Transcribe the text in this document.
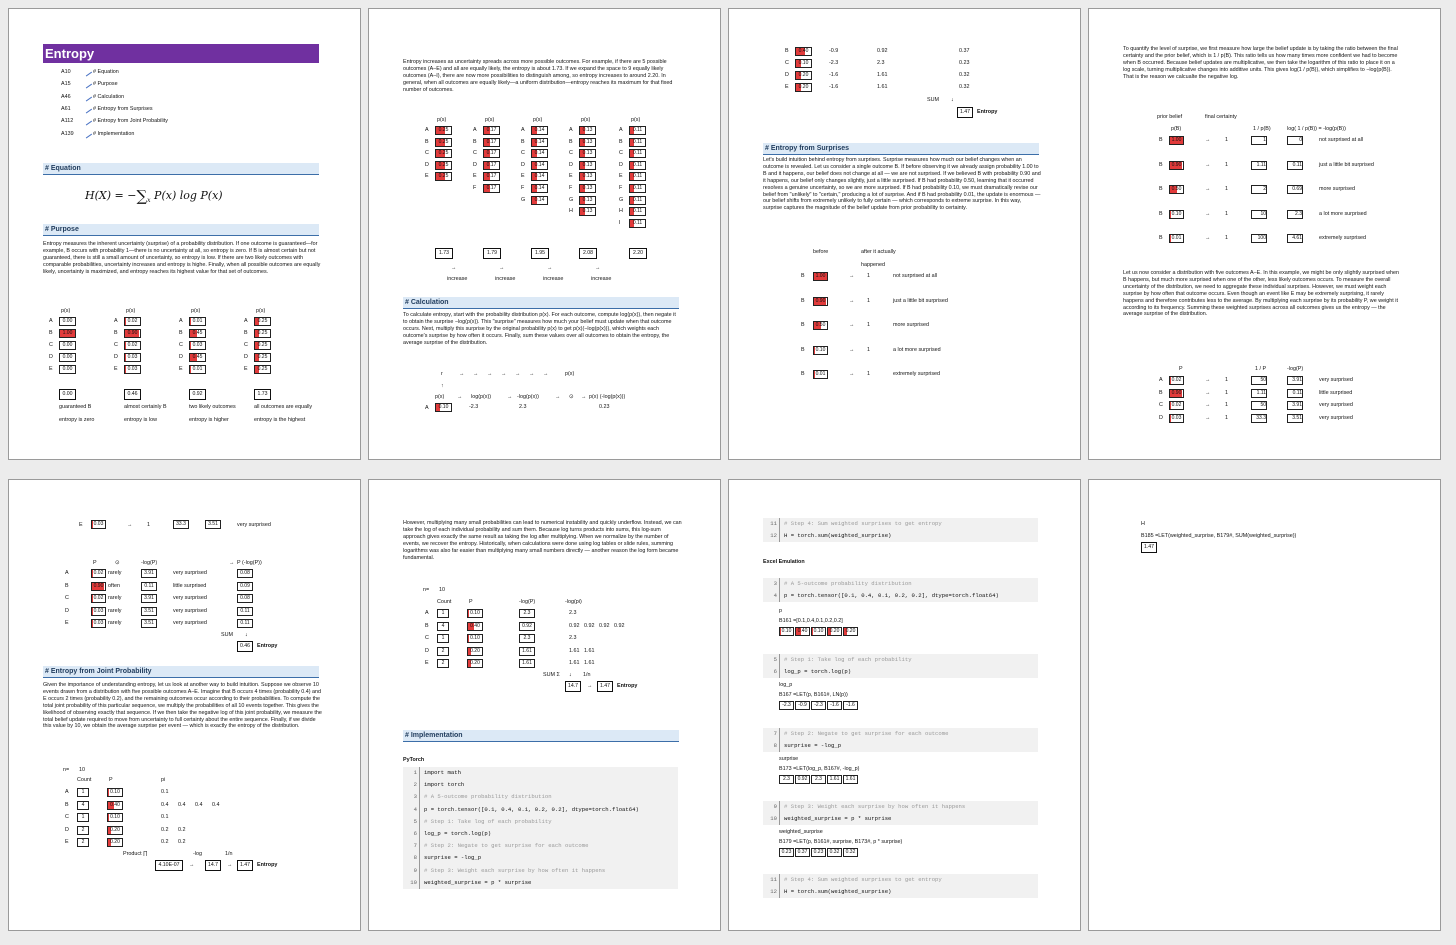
Entropy
A10	# Equation
A15	# Purpose
A46	# Calculation
A61	# Entropy from Surprises
A112	# Entropy from Joint Probability
A139	# Implementation
# Equation
$H(X) = -\sum_x$ P(x) log P(x)
# Purpose
Entropy measures the inherent uncertainty (surprise) of a probability distribution. If one outcome is guaranteed—for example, B occurs with probability 1—there is no uncertainty at all, so entropy is zero. If B is almost certain but not guaranteed, there is still a small amount of uncertainty, so entropy is low. If there are two likely outcomes with comparable probabilities, uncertainty increases and entropy is highe. Finally, when all possible outcomes are equally likely, uncertainty is maximized, and entropy reaches its highest value for that set of outcomes.
p(s)
A	0.00
B	1.00
C	0.00
D	0.00
E	0.00
0.00
guaranteed B
entropy is zero
p(s)
A	0.02
B	0.90
C	0.02
D	0.03
E	0.03
0.46
almost certainly B
entropy is low
p(s)
A	0.01
B	0.45
C	0.03
D	0.45
E	0.01
0.92
two likely outcomes
entropy is higher
p(s)
A	0.25
B	0.25
C	0.25
D	0.25
E	0.25
1.73
all outcomes are equally
entropy is the highest
Entropy increases as uncertainty spreads across more possible outcomes. For example, if there are 5 possible outcomes (A–E) and all are equally likely, the entropy is about 1.73. If we expand the space to 9 equally likely outcomes (A–I), there are now more possibilities to distinguish among, so entropy increases to around 2.20. In general, when all outcomes are equally likely—a uniform distribution—entropy reaches its maximum for that fixed number of outcomes.
p(s)
A	0.25
B	0.25
C	0.25
D	0.25
E	0.25
1.73
→
increase
p(s)
A	0.17
B	0.17
C	0.17
D	0.17
E	0.17
F	0.17
1.79
→
increase
p(s)
A	0.14
B	0.14
C	0.14
D	0.14
E	0.14
F	0.14
G	0.14
1.95
→
increase
p(s)
A	0.13
B	0.13
C	0.13
D	0.13
E	0.13
F	0.13
G	0.13
H	0.13
2.08
→
increase
p(s)
A	0.11
B	0.11
C	0.11
D	0.11
E	0.11
F	0.11
G	0.11
H	0.11
I	0.11
2.20
# Calculation
To calculate entropy, start with the probability distribution p(x). For each outcome, compute log(p(x)), then negate it to obtain the surprise −log(p(x)). This "surprise" measures how much your belief must update when that outcome occurs. Next, multiply this surprise by the original probability p(x) to get p(x)(−log(p(x))), which weights each outcome's surprise by how often it occurs. Finally, sum these values over all outcomes to obtain the entropy, the average surprise of the distribution.
r	→ → → → → → →	p(x)
↑
p(x)	log(p(x))	-log(p(x))	p(x) (-log(p(x)))
→	→	⊙
→	→
A	0.10	-2.3	2.3	0.23
B	0.40	-0.9	0.92	0.37
C	0.10	-2.3	2.3	0.23
D	0.20	-1.6	1.61	0.32
E	0.20	-1.6	1.61	0.32
SUM ↓
1.47	Entropy
# Entropy from Surprises
Let's build intuition behind entropy from surprises. Surprise measures how much our belief changes when an outcome is revealed. Let us consider a single outcome B. If before observing it we already assign probability 1.00 to B and it happens, our belief does not change at all — we are not surprised. If we believed B with probability 0.90 and it happens, our belief only changes slightly, just a little surprised. If B had probability 0.50, learning that it occurred resolves a genuine uncertainty, so we are more surprised. If B had probability 0.10, we must dramatically revise our belief from "unlikely" to "certain," producing a lot of surprise. And if B had probability 0.01, the update is enormous — our belief shifts from extremely unlikely to fully certain — which corresponds to extreme surprise. In this way, surprise captures the magnitude of the belief update from prior probability to certainty.
before	after it actually
happened
B	1.00	→ 1	not surprised at all
B	0.90	→ 1	just a little bit surprised
B	0.50	→ 1	more surprised
B	0.10	→ 1	a lot more surprised
B	0.01	→ 1	extremely surprised
To quantify the level of surprise, we first measure how large the belief update is by taking the ratio between the final certainty and the prior belief, which is 1 / p(B). This ratio tells us how many times more confident we had to become when B occurred. Because belief updates are multiplicative, we then take the logarithm of this ratio to place it on a log scale, turning multiplicative changes into additive units. This gives log(1 / p(B)), which simplifies to −log(p(B)). That is the reason we calcualte the negative log.
prior belief	final certainty
p(B)	1 / p(B)	log( 1 / p(B)) = -log(p(B))
B	1.00	→	1	1	0	not surprised at all
B	0.90	→	1	1.11	0.11	just a little bit surprised
B	0.50	→	1	2	0.69	more surprised
B	0.10	→	1	10	2.3	a lot more surprised
B	0.01	→	1	100	4.61	extremely surprised
Let us now consider a distribution with five outcomes A–E. In this example, we might be only slightly surprised when B happens, but much more surprised when one of the other, less likely outcomes occurs. To measure the overall uncertainty of the distribution, we need to aggregate these individual surprises. However, we must weight each surprise by how often that outcome occurs. Even though an event like E may be extremely surprising, it rarely happens and therefore contributes less to the average. By multiplying each surprise by its probability P, we weight it according to its frequency. Summing these weighted surprises across all outcomes gives us the entropy — the average surprise of the distribution.
P	1 / P	-log(P)
A	0.02	→	1	50	3.91	very surprised
B	0.90	→	1	1.11	0.11	little surprised
C	0.02	→	1	50	3.91	very surprised
D	0.03	→	1	33.3	3.51	very surprised
E	0.03	→	1	33.3	3.51	very surprised
P	⊙	-log(P)	→ P (-log(P))
A	0.02 rarely	3.91	very surprised	0.08
B	0.90 often	0.11	little surprised	0.09
C	0.02 rarely	3.91	very surprised	0.08
D	0.03 rarely	3.51	very surprised	0.11
E	0.03 rarely	3.51	very surprised	0.11
SUM ↓
0.46	Entropy
# Entropy from Joint Probability
Given the importance of understanding entropy, let us look at another way to build intuition. Suppose we observe 10 events drawn from a distribution with five possible outcomes A–E. Imagine that B occurs 4 times (probability 0.4) and E occurs 2 times (probability 0.2), and the remaining outcomes occur according to their probabilities. To compute the total joint probability of this particular sequence, we multiply the probabilities of all 10 events together. This gives the likelihood of observing exactly that sequence. If we then take the negative log of this joint probability, we measure the total belief update required to move from uncertainty to full certainty about the entire sequence. Finally, if we divide this value by 10, we obtain the average surprise per event — which is exactly the entropy of the distribution.
n= 10
Count	P	pi
A	1	0.10	0.1
B	4	0.40	0.4 0.4 0.4 0.4
C	1	0.10	0.1
D	2	0.20	0.2 0.2
E	2	0.20	0.2 0.2
Product ∏	-log	1/n
4.10E-07	→	14.7	→	1.47	Entropy
However, multiplying many small probabilities can lead to numerical instability and quickly underflow. Instead, we can take the log of each individual probability and sum them. Because log turns products into sums, this log-sum approach gives exactly the same result as taking the log after multiplying. When we normalize by the number of events, we recover the entropy. Historically, when calculations were done using log tables or slide rules, summing logarithms was also far easier than multiplying many small numbers directly — another reason the log form became fundamental.
n= 10
Count	P	-log(P)	-log(pi)
A	1	0.10	2.3	2.3
B	4	0.40	0.92	0.92 0.92 0.92 0.92
C	1	0.10	2.3	2.3
D	2	0.20	1.61	1.61 1.61
E	2	0.20	1.61	1.61 1.61
SUM Σ ↓ 1/n
14.7	→	1.47	Entropy
# Implementation
PyTorch
1 import math
2 import torch
3 # A 5-outcome probability distribution
4 p = torch.tensor([0.1, 0.4, 0.1, 0.2, 0.2], dtype=torch.float64)
5 # Step 1: Take log of each probability
6 log_p = torch.log(p)
7 # Step 2: Negate to get surprise for each outcome
8 surprise = -log_p
9 # Step 3: Weight each surprise by how often it happens
10 weighted_surprise = p * surprise
11 # Step 4: Sum weighted surprises to get entropy
12 H = torch.sum(weighted_surprise)
Excel Emulation
3 # A 5-outcome probability distribution
4 p = torch.tensor([0.1, 0.4, 0.1, 0.2, 0.2], dtype=torch.float64)
p
B161 =[0.1,0.4,0.1,0.2,0.2]
0.10	0.40	0.10	0.20	0.20
5 # Step 1: Take log of each probability
6 log_p = torch.log(p)
log_p
B167 =LET(p, B161#, LN(p))
-2.3	-0.9	-2.3	-1.6	-1.6
7 # Step 2: Negate to get surprise for each outcome
8 surprise = -log_p
surprise
B173 =LET(log_p, B167#, -log_p)
2.3	0.92	2.3	1.61	1.61
9 # Step 3: Weight each surprise by how often it happens
10 weighted_surprise = p * surprise
weighted_surprise
B179 =LET(p, B161#, surprise, B173#, p * surprise)
0.23	0.37	0.23	0.32	0.32
11 # Step 4: Sum weighted surprises to get entropy
12 H = torch.sum(weighted_surprise)
H
B185 =LET(weighted_surprise, B179#, SUM(weighted_surprise))
1.47
